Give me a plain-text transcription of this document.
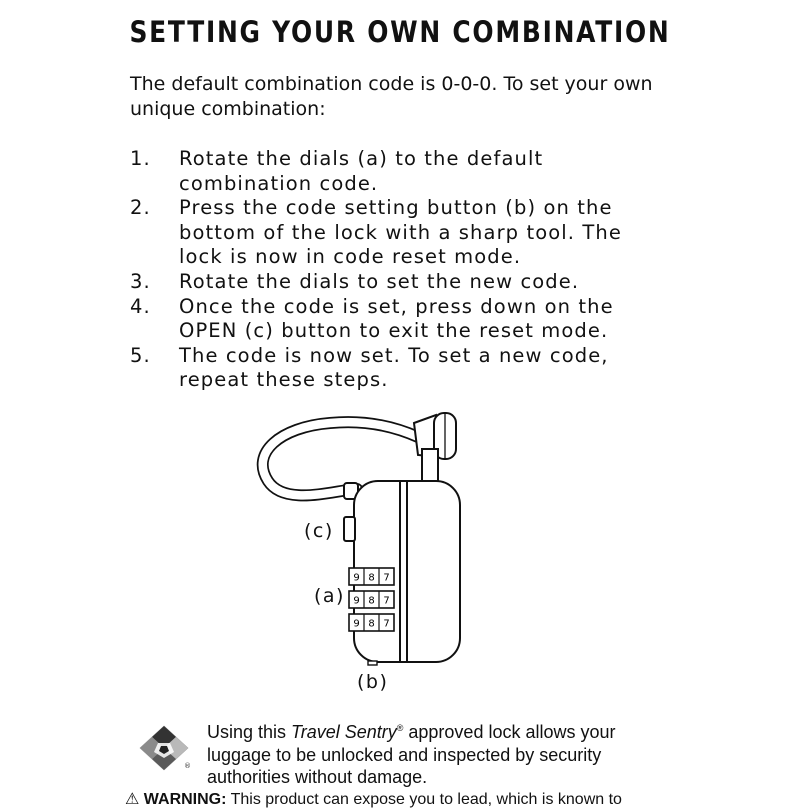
SETTING YOUR OWN COMBINATION
The default combination code is 0-0-0. To set your own unique combination:
1. Rotate the dials (a) to the default
combination code.
2. Press the code setting button (b) on the
bottom of the lock with a sharp tool. The
lock is now in code reset mode.
3. Rotate the dials to set the new code.
4. Once the code is set, press down on the
OPEN (c) button to exit the reset mode.
5. The code is now set. To set a new code,
repeat these steps.
9 8 7
9 8 7
9 8 7
(c)
(a)
(b)
®
Using this Travel Sentry® approved lock allows your luggage to be unlocked and inspected by security authorities without damage.
⚠ WARNING: This product can expose you to lead, which is known to
